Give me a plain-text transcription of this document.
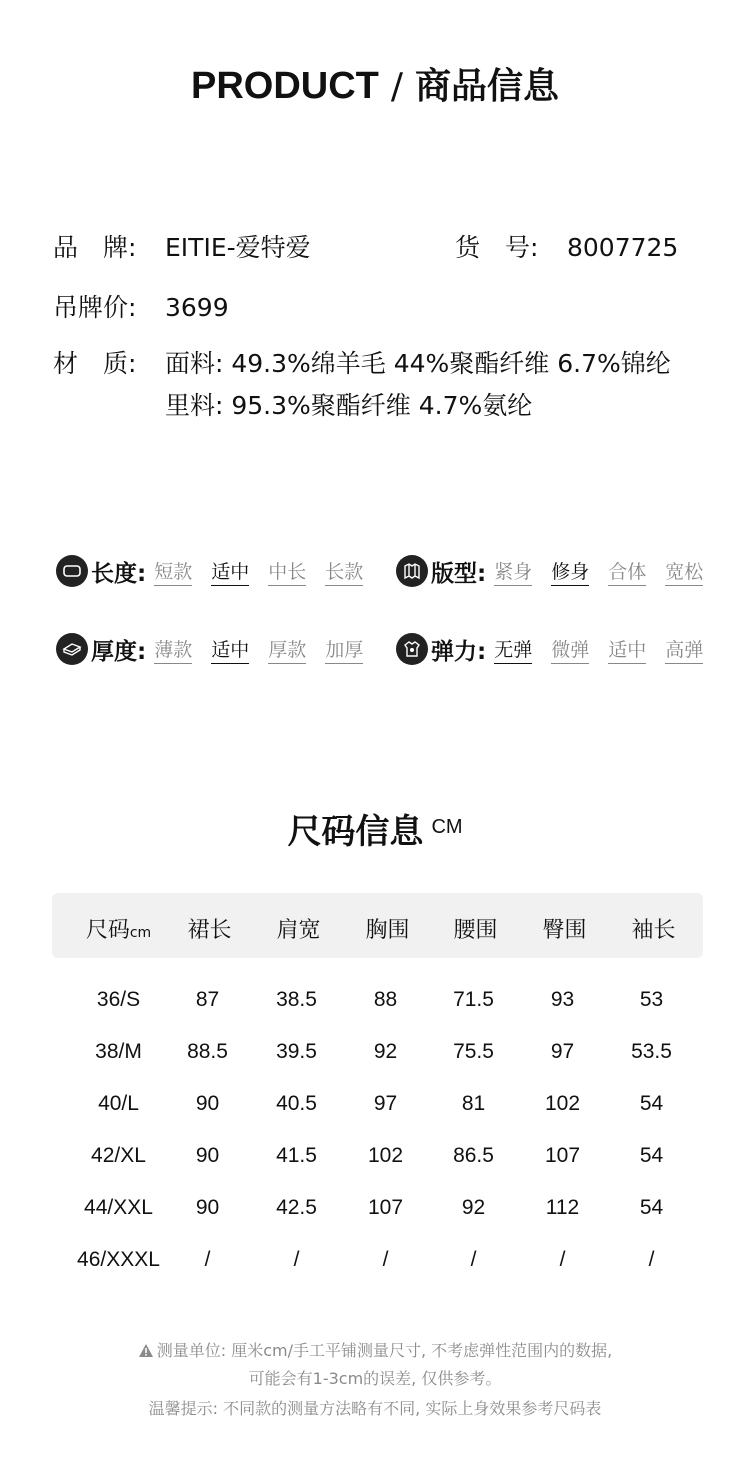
PRODUCT / 商品信息
品　牌: EITIE-爱特爱	货　号: 8007725
吊牌价: 3699
材　质: 面料: 49.3%绵羊毛 44%聚酯纤维 6.7%锦纶
里料: 95.3%聚酯纤维 4.7%氨纶
长度: 短款 适中 中长 长款	版型: 紧身 修身 合体 宽松
厚度: 薄款 适中 厚款 加厚	弹力: 无弹 微弹 适中 高弹
尺码信息 $^{CM}$
尺码cm	裙长	肩宽	胸围	腰围	臀围	袖长
36/S	87	38.5	88	71.5	93	53
38/M	88.5	39.5	92	75.5	97	53.5
40/L	90	40.5	97	81	102	54
42/XL	90	41.5	102	86.5	107	54
44/XXL	90	42.5	107	92	112	54
46/XXXL	/	/	/	/	/	/
测量单位: 厘米cm/手工平铺测量尺寸, 不考虑弹性范围内的数据,
可能会有1-3cm的误差, 仅供参考。
温馨提示: 不同款的测量方法略有不同, 实际上身效果参考尺码表
